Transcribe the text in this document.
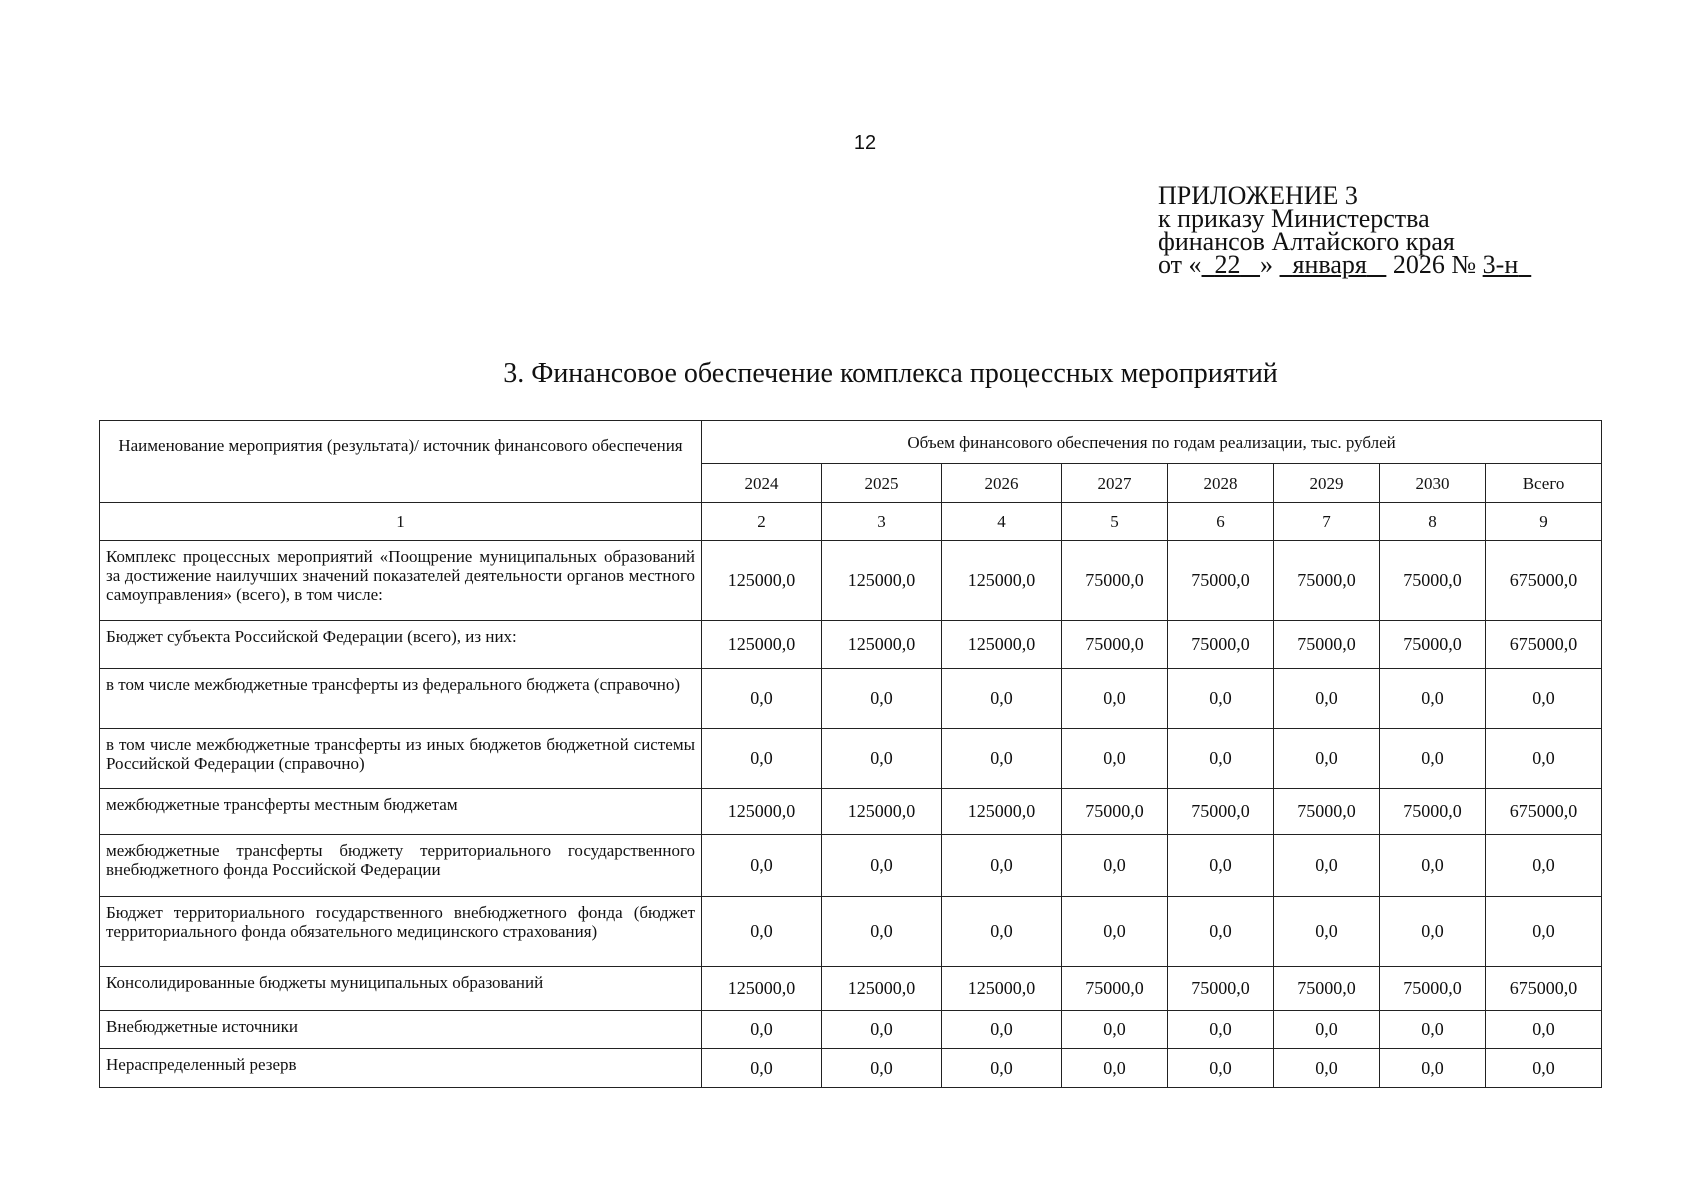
12
ПРИЛОЖЕНИЕ 3
к приказу Министерства
финансов Алтайского края
от « 22 » января 2026 № 3-н
3. Финансовое обеспечение комплекса процессных мероприятий
Наименование мероприятия (результата)/ источник финансового обеспечения	Объем финансового обеспечения по годам реализации, тыс. рублей							
	2024	2025	2026	2027	2028	2029	2030	Всего
1	2	3	4	5	6	7	8	9
Комплекс процессных мероприятий «Поощрение муниципальных образований за достижение наилучших значений показателей деятельности органов местного самоуправления» (всего), в том числе:	125000,0	125000,0	125000,0	75000,0	75000,0	75000,0	75000,0	675000,0
Бюджет субъекта Российской Федерации (всего), из них:	125000,0	125000,0	125000,0	75000,0	75000,0	75000,0	75000,0	675000,0
в том числе межбюджетные трансферты из федерального бюджета (справочно)	0,0	0,0	0,0	0,0	0,0	0,0	0,0	0,0
в том числе межбюджетные трансферты из иных бюджетов бюджетной системы Российской Федерации (справочно)	0,0	0,0	0,0	0,0	0,0	0,0	0,0	0,0
межбюджетные трансферты местным бюджетам	125000,0	125000,0	125000,0	75000,0	75000,0	75000,0	75000,0	675000,0
межбюджетные трансферты бюджету территориального государственного внебюджетного фонда Российской Федерации	0,0	0,0	0,0	0,0	0,0	0,0	0,0	0,0
Бюджет территориального государственного внебюджетного фонда (бюджет территориального фонда обязательного медицинского страхования)	0,0	0,0	0,0	0,0	0,0	0,0	0,0	0,0
Консолидированные бюджеты муниципальных образований	125000,0	125000,0	125000,0	75000,0	75000,0	75000,0	75000,0	675000,0
Внебюджетные источники	0,0	0,0	0,0	0,0	0,0	0,0	0,0	0,0
Нераспределенный резерв	0,0	0,0	0,0	0,0	0,0	0,0	0,0	0,0
